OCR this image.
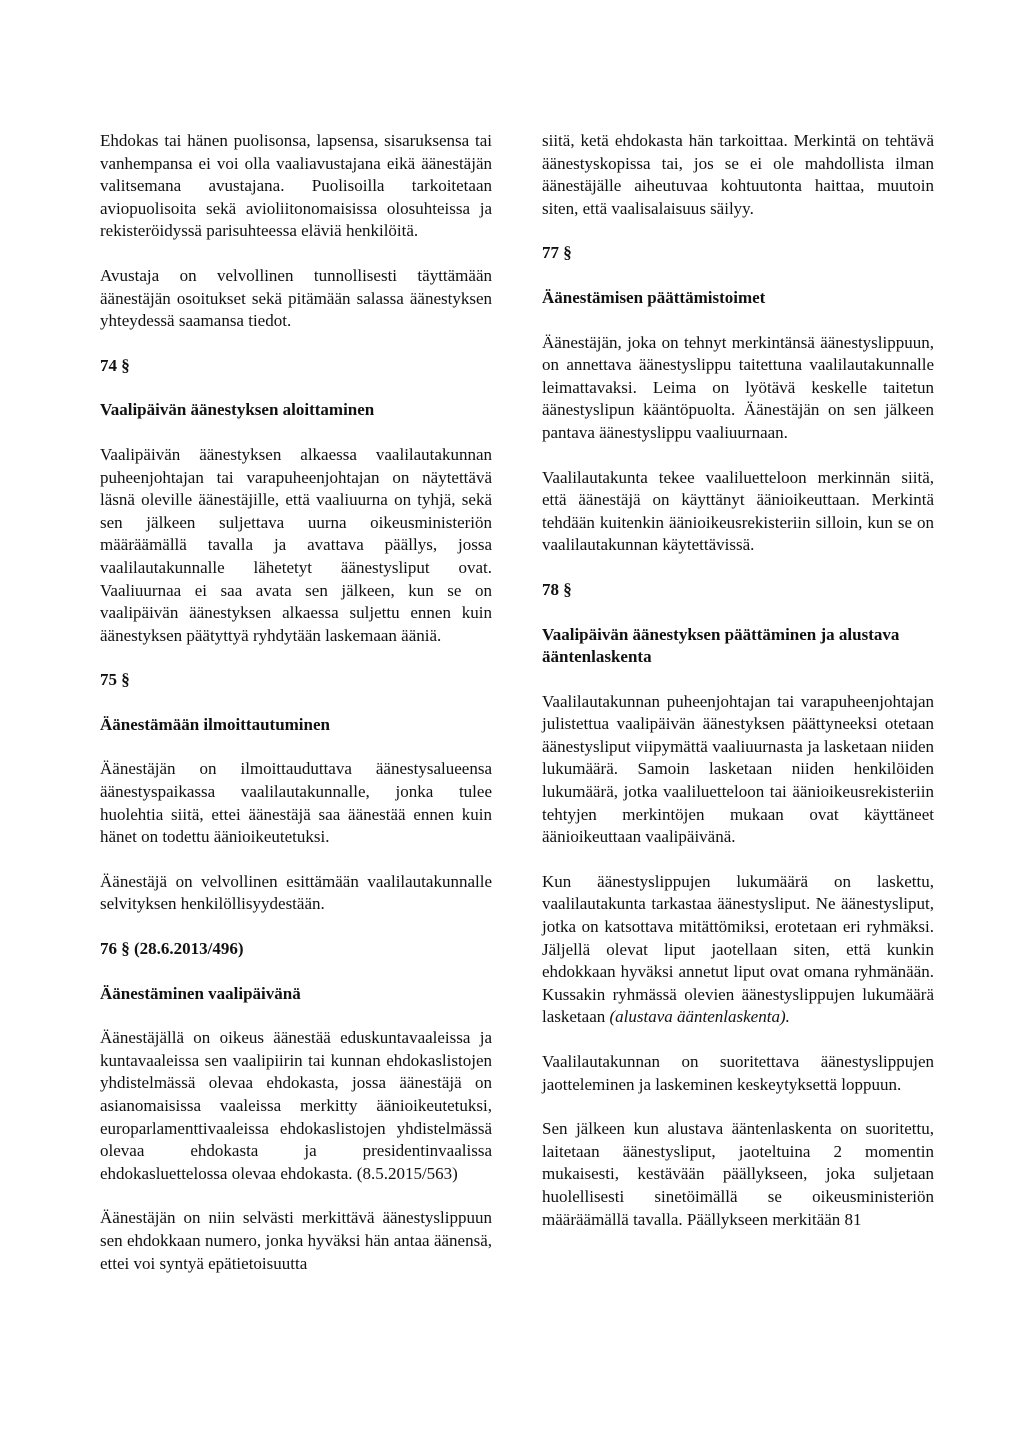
Ehdokas tai hänen puolisonsa, lapsensa, sisaruksensa tai vanhempansa ei voi olla vaaliavustajana eikä äänestäjän valitsemana avustajana. Puolisoilla tarkoitetaan aviopuolisoita sekä avioliitonomaisissa olosuhteissa ja rekisteröidyssä parisuhteessa eläviä henkilöitä.

Avustaja on velvollinen tunnollisesti täyttämään äänestäjän osoitukset sekä pitämään salassa äänestyksen yhteydessä saamansa tiedot.

74 §
Vaalipäivän äänestyksen aloittaminen

Vaalipäivän äänestyksen alkaessa vaalilautakunnan puheenjohtajan tai varapuheenjohtajan on näytettävä läsnä oleville äänestäjille, että vaaliuurna on tyhjä, sekä sen jälkeen suljettava uurna oikeusministeriön määräämällä tavalla ja avattava päällys, jossa vaalilautakunnalle lähetetyt äänestysliput ovat. Vaaliuurnaa ei saa avata sen jälkeen, kun se on vaalipäivän äänestyksen alkaessa suljettu ennen kuin äänestyksen päätyttyä ryhdytään laskemaan ääniä.

75 §
Äänestämään ilmoittautuminen

Äänestäjän on ilmoittauduttava äänestysalueensa äänestyspaikassa vaalilautakunnalle, jonka tulee huolehtia siitä, ettei äänestäjä saa äänestää ennen kuin hänet on todettu äänioikeutetuksi.

Äänestäjä on velvollinen esittämään vaalilautakunnalle selvityksen henkilöllisyydestään.

76 § (28.6.2013/496)
Äänestäminen vaalipäivänä

Äänestäjällä on oikeus äänestää eduskuntavaaleissa ja kuntavaaleissa sen vaalipiirin tai kunnan ehdokaslistojen yhdistelmässä olevaa ehdokasta, jossa äänestäjä on asianomaisissa vaaleissa merkitty äänioikeutetuksi, europarlamenttivaaleissa ehdokaslistojen yhdistelmässä olevaa ehdokasta ja presidentinvaalissa ehdokasluettelossa olevaa ehdokasta. (8.5.2015/563)

Äänestäjän on niin selvästi merkittävä äänestyslippuun sen ehdokkaan numero, jonka hyväksi hän antaa äänensä, ettei voi syntyä epätietoisuutta

siitä, ketä ehdokasta hän tarkoittaa. Merkintä on tehtävä äänestyskopissa tai, jos se ei ole mahdollista ilman äänestäjälle aiheutuvaa kohtuutonta haittaa, muutoin siten, että vaalisalaisuus säilyy.

77 §
Äänestämisen päättämistoimet

Äänestäjän, joka on tehnyt merkintänsä äänestyslippuun, on annettava äänestyslippu taitettuna vaalilautakunnalle leimattavaksi. Leima on lyötävä keskelle taitetun äänestyslipun kääntöpuolta. Äänestäjän on sen jälkeen pantava äänestyslippu vaaliuurnaan.

Vaalilautakunta tekee vaaliluetteloon merkinnän siitä, että äänestäjä on käyttänyt äänioikeuttaan. Merkintä tehdään kuitenkin äänioikeusrekisteriin silloin, kun se on vaalilautakunnan käytettävissä.

78 §
Vaalipäivän äänestyksen päättäminen ja alustava ääntenlaskenta

Vaalilautakunnan puheenjohtajan tai varapuheenjohtajan julistettua vaalipäivän äänestyksen päättyneeksi otetaan äänestysliput viipymättä vaaliuurnasta ja lasketaan niiden lukumäärä. Samoin lasketaan niiden henkilöiden lukumäärä, jotka vaaliluetteloon tai äänioikeusrekisteriin tehtyjen merkintöjen mukaan ovat käyttäneet äänioikeuttaan vaalipäivänä.

Kun äänestyslippujen lukumäärä on laskettu, vaalilautakunta tarkastaa äänestysliput. Ne äänestysliput, jotka on katsottava mitättömiksi, erotetaan eri ryhmäksi. Jäljellä olevat liput jaotellaan siten, että kunkin ehdokkaan hyväksi annetut liput ovat omana ryhmänään. Kussakin ryhmässä olevien äänestyslippujen lukumäärä lasketaan (alustava ääntenlaskenta).

Vaalilautakunnan on suoritettava äänestyslippujen jaotteleminen ja laskeminen keskeytyksettä loppuun.

Sen jälkeen kun alustava ääntenlaskenta on suoritettu, laitetaan äänestysliput, jaoteltuina 2 momentin mukaisesti, kestävään päällykseen, joka suljetaan huolellisesti sinetöimällä se oikeusministeriön määräämällä tavalla. Päällykseen merkitään 81
